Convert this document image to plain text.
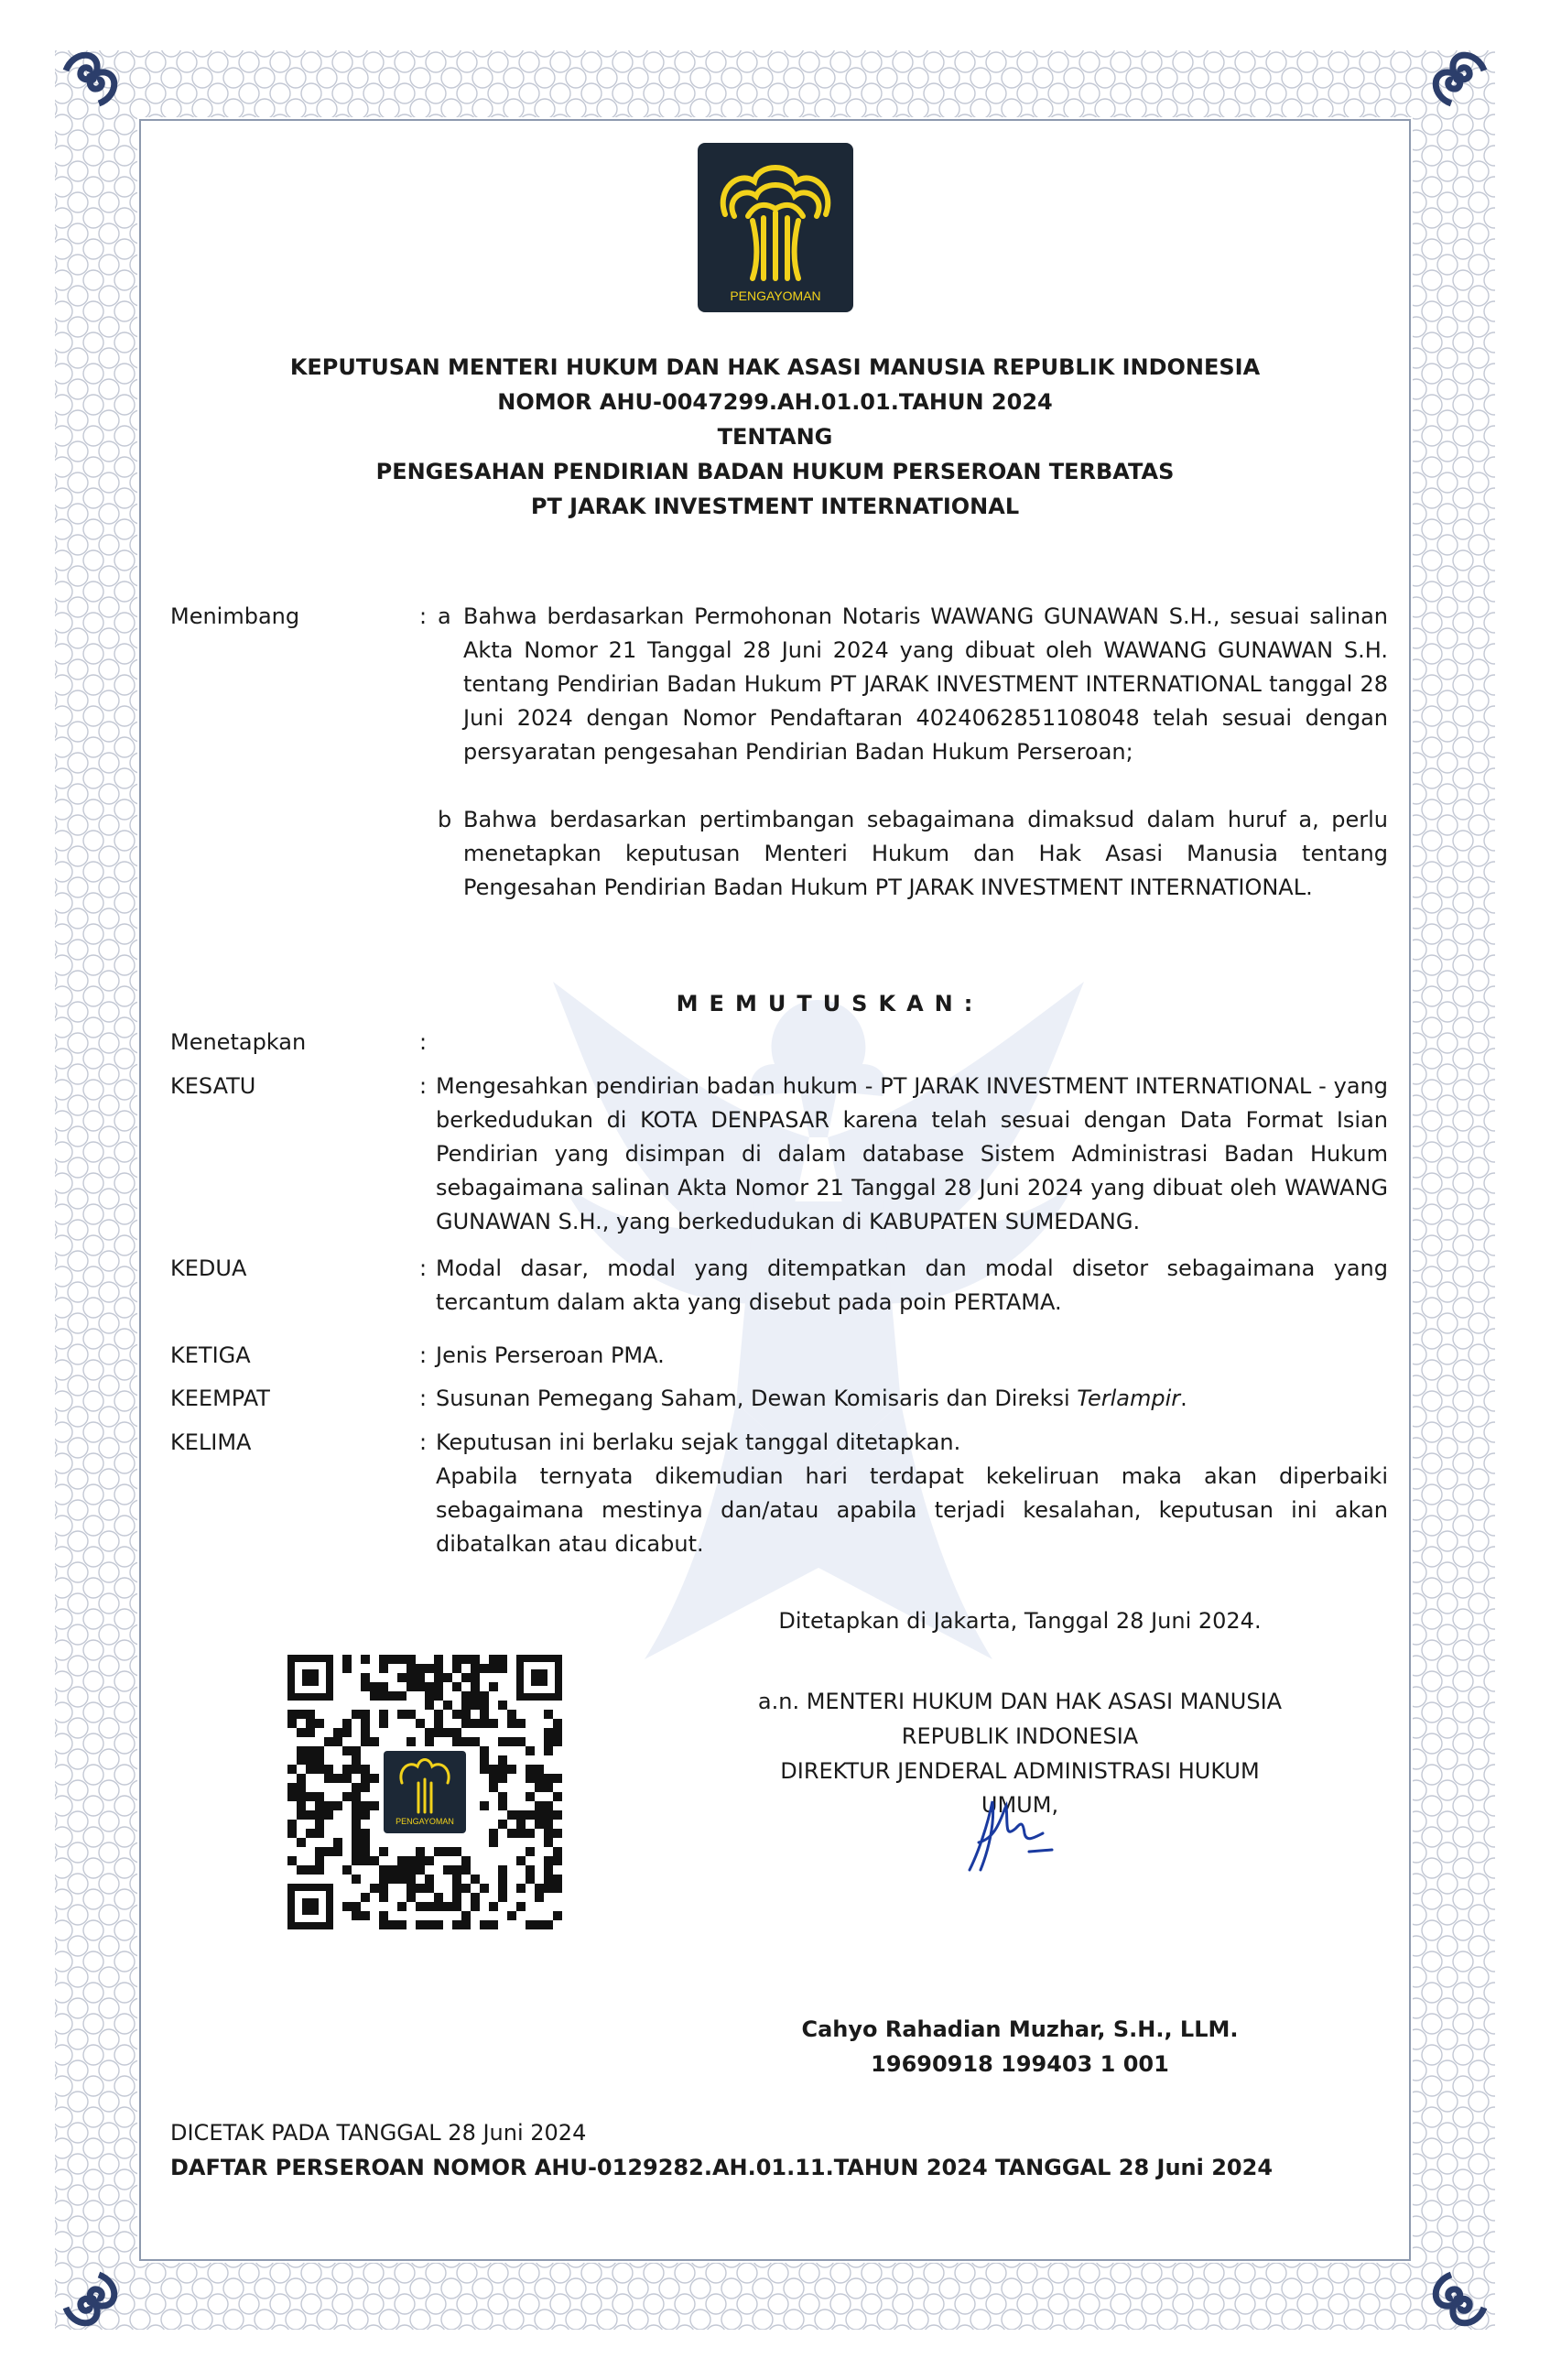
PENGAYOMAN
KEPUTUSAN MENTERI HUKUM DAN HAK ASASI MANUSIA REPUBLIK INDONESIA
NOMOR AHU-0047299.AH.01.01.TAHUN 2024
TENTANG
PENGESAHAN PENDIRIAN BADAN HUKUM PERSEROAN TERBATAS
PT JARAK INVESTMENT INTERNATIONAL
Menimbang	: a Bahwa berdasarkan Permohonan Notaris WAWANG GUNAWAN S.H., sesuai salinan Akta Nomor 21 Tanggal 28 Juni 2024 yang dibuat oleh WAWANG GUNAWAN S.H. tentang Pendirian Badan Hukum PT JARAK INVESTMENT INTERNATIONAL tanggal 28 Juni 2024 dengan Nomor Pendaftaran 4024062851108048 telah sesuai dengan persyaratan pengesahan Pendirian Badan Hukum Perseroan;
b Bahwa berdasarkan pertimbangan sebagaimana dimaksud dalam huruf a, perlu menetapkan keputusan Menteri Hukum dan Hak Asasi Manusia tentang Pengesahan Pendirian Badan Hukum PT JARAK INVESTMENT INTERNATIONAL.
MEMUTUSKAN:
Menetapkan	:
KESATU	: Mengesahkan pendirian badan hukum - PT JARAK INVESTMENT INTERNATIONAL - yang berkedudukan di KOTA DENPASAR karena telah sesuai dengan Data Format Isian Pendirian yang disimpan di dalam database Sistem Administrasi Badan Hukum sebagaimana salinan Akta Nomor 21 Tanggal 28 Juni 2024 yang dibuat oleh WAWANG GUNAWAN S.H., yang berkedudukan di KABUPATEN SUMEDANG.
KEDUA	: Modal dasar, modal yang ditempatkan dan modal disetor sebagaimana yang tercantum dalam akta yang disebut pada poin PERTAMA.
KETIGA	: Jenis Perseroan PMA.
KEEMPAT	: Susunan Pemegang Saham, Dewan Komisaris dan Direksi Terlampir.
KELIMA	: Keputusan ini berlaku sejak tanggal ditetapkan.
Apabila ternyata dikemudian hari terdapat kekeliruan maka akan diperbaiki sebagaimana mestinya dan/atau apabila terjadi kesalahan, keputusan ini akan dibatalkan atau dicabut.
Ditetapkan di Jakarta, Tanggal 28 Juni 2024.
a.n. MENTERI HUKUM DAN HAK ASASI MANUSIA
REPUBLIK INDONESIA
DIREKTUR JENDERAL ADMINISTRASI HUKUM UMUM,
Cahyo Rahadian Muzhar, S.H., LLM.
19690918 199403 1 001
PENGAYOMAN
DICETAK PADA TANGGAL 28 Juni 2024
DAFTAR PERSEROAN NOMOR AHU-0129282.AH.01.11.TAHUN 2024 TANGGAL 28 Juni 2024
